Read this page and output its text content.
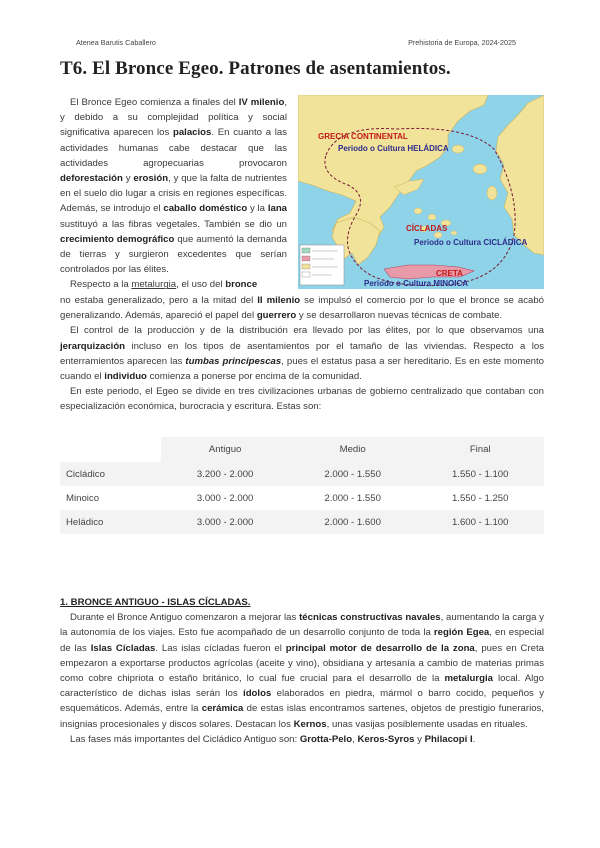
Atenea Barutis Caballero	Prehistoria de Europa, 2024-2025
T6. El Bronce Egeo. Patrones de asentamientos.

El Bronce Egeo comienza a finales del IV milenio, y debido a su complejidad política y social significativa aparecen los palacios. En cuanto a las actividades humanas cabe destacar que las actividades agropecuarias provocaron deforestación y erosión, y que la falta de nutrientes en el suelo dio lugar a crisis en regiones específicas. Además, se introdujo el caballo doméstico y la lana sustituyó a las fibras vegetales. También se dio un crecimiento demográfico que aumentó la demanda de tierras y surgieron excedentes que serían controlados por las élites.

Respecto a la metalurgia, el uso del bronce

GRECIA CONTINENTAL
Periodo o Cultura HELÁDICA
CÍCLADAS
Periodo o Cultura CICLÁDICA
CRETA
Periodo o Cultura MINOICA

no estaba generalizado, pero a la mitad del II milenio se impulsó el comercio por lo que el bronce se acabó generalizando. Además, apareció el papel del guerrero y se desarrollaron nuevas técnicas de combate.

El control de la producción y de la distribución era llevado por las élites, por lo que observamos una jerarquización incluso en los tipos de asentamientos por el tamaño de las viviendas. Respecto a los enterramientos aparecen las tumbas principescas, pues el estatus pasa a ser hereditario. Es en este momento cuando el individuo comienza a ponerse por encima de la comunidad.

En este periodo, el Egeo se divide en tres civilizaciones urbanas de gobierno centralizado que contaban con especialización económica, burocracia y escritura. Estas son:

	Antiguo	Medio	Final
Cicládico	3.200 - 2.000	2.000 - 1.550	1.550 - 1.100
Minoico	3.000 - 2.000	2.000 - 1.550	1.550 - 1.250
Heládico	3.000 - 2.000	2.000 - 1.600	1.600 - 1.100

1. BRONCE ANTIGUO - ISLAS CÍCLADAS.

Durante el Bronce Antiguo comenzaron a mejorar las técnicas constructivas navales, aumentando la carga y la autonomía de los viajes. Esto fue acompañado de un desarrollo conjunto de toda la región Egea, en especial de las Islas Cícladas. Las islas cícladas fueron el principal motor de desarrollo de la zona, pues en Creta empezaron a exportarse productos agrícolas (aceite y vino), obsidiana y artesanía a cambio de materias primas como cobre chipriota o estaño británico, lo cual fue crucial para el desarrollo de la metalurgia local. Algo característico de dichas islas serán los ídolos elaborados en piedra, mármol o barro cocido, pequeños y esquemáticos. Además, entre la cerámica de estas islas encontramos sartenes, objetos de prestigio funerarios, insignias procesionales y discos solares. Destacan los Kernos, unas vasijas posiblemente usadas en rituales.

Las fases más importantes del Cicládico Antiguo son: Grotta-Pelo, Keros-Syros y Philacopi I.
